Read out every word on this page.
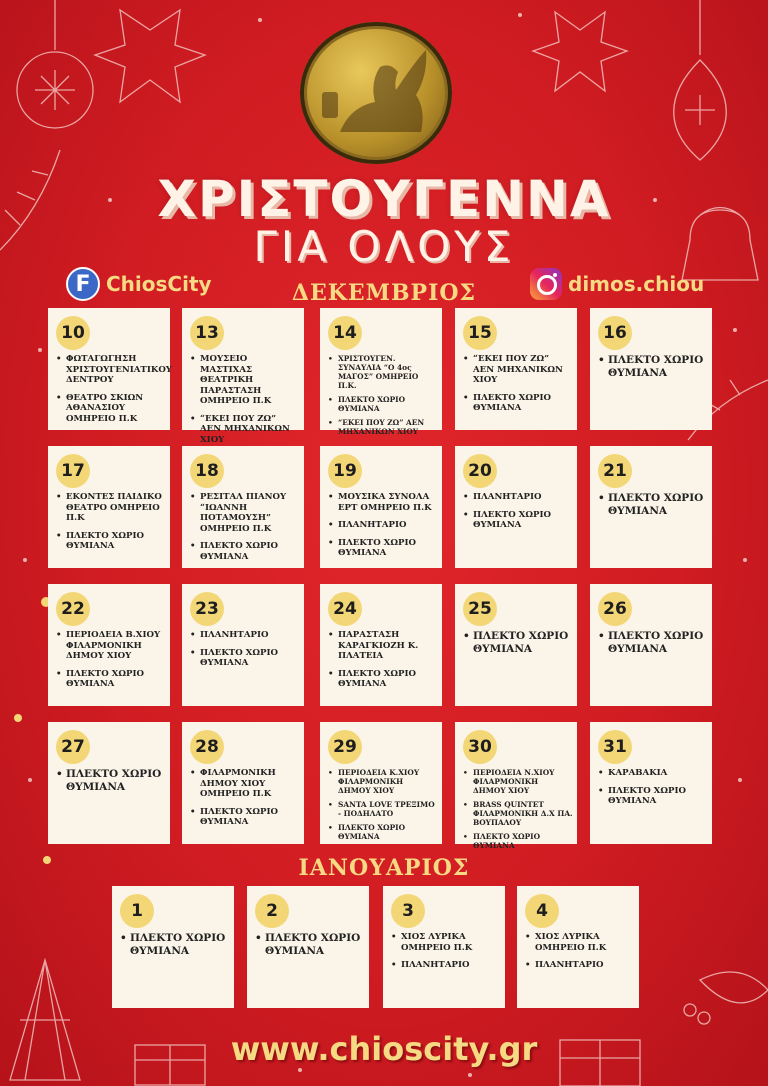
ΧΡΙΣΤΟΥΓΕΝΝΑ
ΓΙΑ ΟΛΟΥΣ
F ChiosCity	dimos.chiou
ΔΕΚΕΜΒΡΙΟΣ
10
• ΦΩΤΑΓΩΓΗΣΗ ΧΡΙΣΤΟΥΓΕΝΙΑΤΙΚΟΥ ΔΕΝΤΡΟΥ
• ΘΕΑΤΡΟ ΣΚΙΩΝ ΑΘΑΝΑΣΙΟΥ ΟΜΗΡΕΙΟ Π.Κ
13
• ΜΟΥΣΕΙΟ ΜΑΣΤΙΧΑΣ ΘΕΑΤΡΙΚΗ ΠΑΡΑΣΤΑΣΗ ΟΜΗΡΕΙΟ Π.Κ
• “ΕΚΕΙ ΠΟΥ ΖΩ” ΑΕΝ ΜΗΧΑΝΙΚΩΝ ΧΙΟΥ
14
• ΧΡΙΣΤΟΥΓΕΝ. ΣΥΝΑΥΛΙΑ “Ο 4ος ΜΑΓΟΣ” ΟΜΗΡΕΙΟ Π.Κ.
• ΠΛΕΚΤΟ ΧΩΡΙΟ ΘΥΜΙΑΝΑ
• “ΕΚΕΙ ΠΟΥ ΖΩ” ΑΕΝ ΜΗΧΑΝΙΚΩΝ ΧΙΟΥ
15
• “ΕΚΕΙ ΠΟΥ ΖΩ” ΑΕΝ ΜΗΧΑΝΙΚΩΝ ΧΙΟΥ
• ΠΛΕΚΤΟ ΧΩΡΙΟ ΘΥΜΙΑΝΑ
16
• ΠΛΕΚΤΟ ΧΩΡΙΟ ΘΥΜΙΑΝΑ
17
• ΕΚΟΝΤΕΣ ΠΑΙΔΙΚΟ ΘΕΑΤΡΟ ΟΜΗΡΕΙΟ Π.Κ
• ΠΛΕΚΤΟ ΧΩΡΙΟ ΘΥΜΙΑΝΑ
18
• ΡΕΣΙΤΑΛ ΠΙΑΝΟΥ “ΙΩΑΝΝΗ ΠΟΤΑΜΟΥΣΗ” ΟΜΗΡΕΙΟ Π.Κ
• ΠΛΕΚΤΟ ΧΩΡΙΟ ΘΥΜΙΑΝΑ
19
• ΜΟΥΣΙΚΑ ΣΥΝΟΛΑ ΕΡΤ ΟΜΗΡΕΙΟ Π.Κ
• ΠΛΑΝΗΤΑΡΙΟ
• ΠΛΕΚΤΟ ΧΩΡΙΟ ΘΥΜΙΑΝΑ
20
• ΠΛΑΝΗΤΑΡΙΟ
• ΠΛΕΚΤΟ ΧΩΡΙΟ ΘΥΜΙΑΝΑ
21
• ΠΛΕΚΤΟ ΧΩΡΙΟ ΘΥΜΙΑΝΑ
22
• ΠΕΡΙΟΔΕΙΑ Β.ΧΙΟΥ ΦΙΛΑΡΜΟΝΙΚΗ ΔΗΜΟΥ ΧΙΟΥ
• ΠΛΕΚΤΟ ΧΩΡΙΟ ΘΥΜΙΑΝΑ
23
• ΠΛΑΝΗΤΑΡΙΟ
• ΠΛΕΚΤΟ ΧΩΡΙΟ ΘΥΜΙΑΝΑ
24
• ΠΑΡΑΣΤΑΣΗ ΚΑΡΑΓΚΙΟΖΗ Κ. ΠΛΑΤΕΙΑ
• ΠΛΕΚΤΟ ΧΩΡΙΟ ΘΥΜΙΑΝΑ
25
• ΠΛΕΚΤΟ ΧΩΡΙΟ ΘΥΜΙΑΝΑ
26
• ΠΛΕΚΤΟ ΧΩΡΙΟ ΘΥΜΙΑΝΑ
27
• ΠΛΕΚΤΟ ΧΩΡΙΟ ΘΥΜΙΑΝΑ
28
• ΦΙΛΑΡΜΟΝΙΚΗ ΔΗΜΟΥ ΧΙΟΥ ΟΜΗΡΕΙΟ Π.Κ
• ΠΛΕΚΤΟ ΧΩΡΙΟ ΘΥΜΙΑΝΑ
29
• ΠΕΡΙΟΔΕΙΑ Κ.ΧΙΟΥ ΦΙΛΑΡΜΟΝΙΚΗ ΔΗΜΟΥ ΧΙΟΥ
• SANTA LOVE ΤΡΕΞΙΜΟ - ΠΟΔΗΛΑΤΟ
• ΠΛΕΚΤΟ ΧΩΡΙΟ ΘΥΜΙΑΝΑ
30
• ΠΕΡΙΟΔΕΙΑ Ν.ΧΙΟΥ ΦΙΛΑΡΜΟΝΙΚΗ ΔΗΜΟΥ ΧΙΟΥ
• BRASS QUINTET ΦΙΛΑΡΜΟΝΙΚΗ Δ.Χ ΠΑ. ΒΟΥΠΑΛΟΥ
• ΠΛΕΚΤΟ ΧΩΡΙΟ ΘΥΜΙΑΝΑ
31
• ΚΑΡΑΒΑΚΙΑ
• ΠΛΕΚΤΟ ΧΩΡΙΟ ΘΥΜΙΑΝΑ
ΙΑΝΟΥΑΡΙΟΣ
1
• ΠΛΕΚΤΟ ΧΩΡΙΟ ΘΥΜΙΑΝΑ
2
• ΠΛΕΚΤΟ ΧΩΡΙΟ ΘΥΜΙΑΝΑ
3
• ΧΙΟΣ ΛΥΡΙΚΑ ΟΜΗΡΕΙΟ Π.Κ
• ΠΛΑΝΗΤΑΡΙΟ
4
• ΧΙΟΣ ΛΥΡΙΚΑ ΟΜΗΡΕΙΟ Π.Κ
• ΠΛΑΝΗΤΑΡΙΟ
www.chioscity.gr
